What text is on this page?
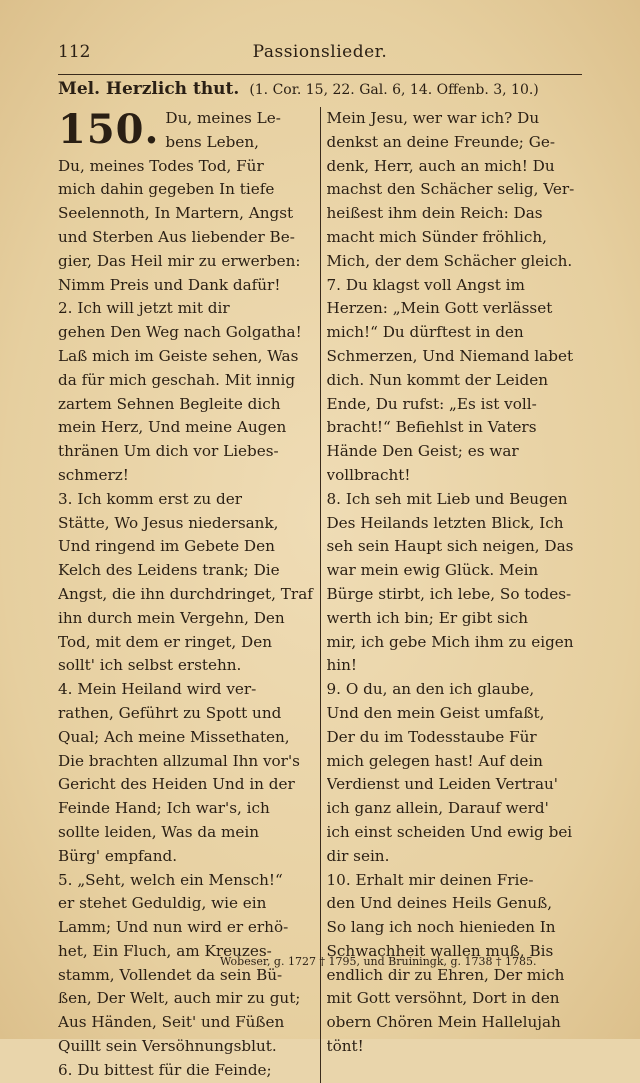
112	Passionslieder.
Mel. Herzlich thut. (1. Cor. 15, 22. Gal. 6, 14. Offenb. 3, 10.)
150. Du, meines Le-
bens Leben,
Du, meines Todes Tod, Für
mich dahin gegeben In tiefe
Seelennoth, In Martern, Angst
und Sterben Aus liebender Be-
gier, Das Heil mir zu erwerben:
Nimm Preis und Dank dafür!
2. Ich will jetzt mit dir
gehen Den Weg nach Golgatha!
Laß mich im Geiste sehen, Was
da für mich geschah. Mit innig
zartem Sehnen Begleite dich
mein Herz, Und meine Augen
thränen Um dich vor Liebes-
schmerz!
3. Ich komm erst zu der
Stätte, Wo Jesus niedersank,
Und ringend im Gebete Den
Kelch des Leidens trank; Die
Angst, die ihn durchdringet, Traf
ihn durch mein Vergehn, Den
Tod, mit dem er ringet, Den
sollt' ich selbst erstehn.
4. Mein Heiland wird ver-
rathen, Geführt zu Spott und
Qual; Ach meine Missethaten,
Die brachten allzumal Ihn vor's
Gericht des Heiden Und in der
Feinde Hand; Ich war's, ich
sollte leiden, Was da mein
Bürg' empfand.
5. „Seht, welch ein Mensch!“
er stehet Geduldig, wie ein
Lamm; Und nun wird er erhö-
het, Ein Fluch, am Kreuzes-
stamm, Vollendet da sein Bü-
ßen, Der Welt, auch mir zu gut;
Aus Händen, Seit' und Füßen
Quillt sein Versöhnungsblut.
6. Du bittest für die Feinde;
Mein Jesu, wer war ich? Du
denkst an deine Freunde; Ge-
denk, Herr, auch an mich! Du
machst den Schächer selig, Ver-
heißest ihm dein Reich: Das
macht mich Sünder fröhlich,
Mich, der dem Schächer gleich.
7. Du klagst voll Angst im
Herzen: „Mein Gott verlässet
mich!“ Du dürftest in den
Schmerzen, Und Niemand labet
dich. Nun kommt der Leiden
Ende, Du rufst: „Es ist voll-
bracht!“ Befiehlst in Vaters
Hände Den Geist; es war
vollbracht!
8. Ich seh mit Lieb und Beugen
Des Heilands letzten Blick, Ich
seh sein Haupt sich neigen, Das
war mein ewig Glück. Mein
Bürge stirbt, ich lebe, So todes-
werth ich bin; Er gibt sich
mir, ich gebe Mich ihm zu eigen
hin!
9. O du, an den ich glaube,
Und den mein Geist umfaßt,
Der du im Todesstaube Für
mich gelegen hast! Auf dein
Verdienst und Leiden Vertrau'
ich ganz allein, Darauf werd'
ich einst scheiden Und ewig bei
dir sein.
10. Erhalt mir deinen Frie-
den Und deines Heils Genuß,
So lang ich noch hienieden In
Schwachheit wallen muß, Bis
endlich dir zu Ehren, Der mich
mit Gott versöhnt, Dort in den
obern Chören Mein Hallelujah
tönt!
Wobeser, g. 1727 † 1795, und Bruiningk, g. 1738 † 1785.
